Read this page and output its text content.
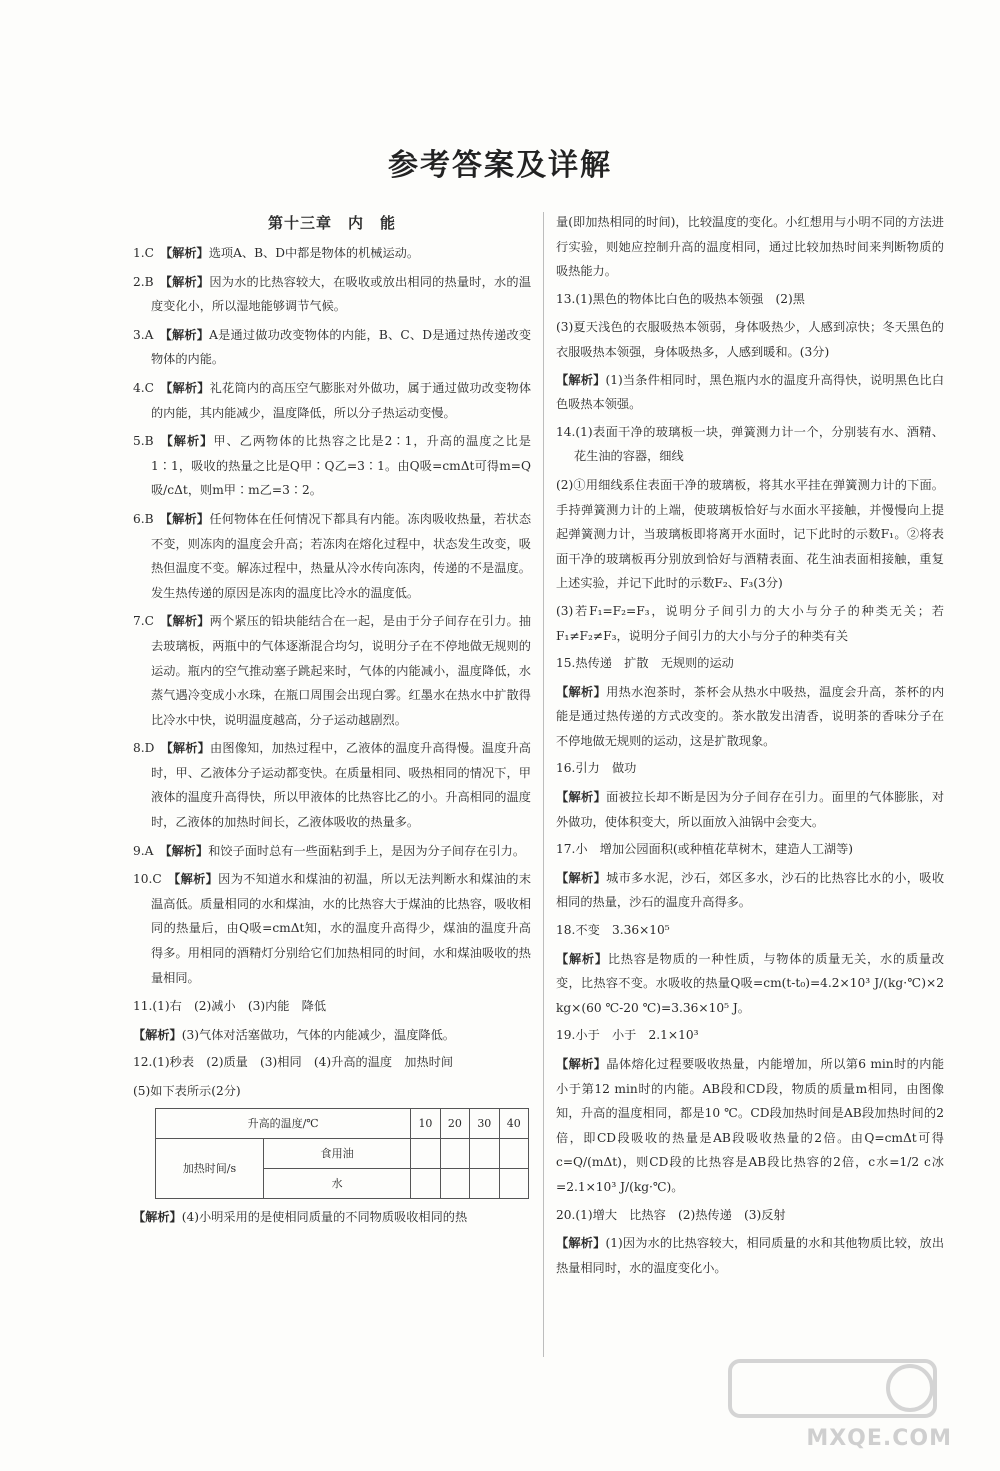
参考答案及详解
第十三章　内　能
1.C 【解析】选项A、B、D中都是物体的机械运动。
2.B 【解析】因为水的比热容较大，在吸收或放出相同的热量时，水的温度变化小，所以湿地能够调节气候。
3.A 【解析】A是通过做功改变物体的内能，B、C、D是通过热传递改变物体的内能。
4.C 【解析】礼花筒内的高压空气膨胀对外做功，属于通过做功改变物体的内能，其内能减少，温度降低，所以分子热运动变慢。
5.B 【解析】甲、乙两物体的比热容之比是2∶1，升高的温度之比是1∶1，吸收的热量之比是Q甲∶Q乙=3∶1。由Q吸=cmΔt可得m=Q吸/cΔt，则m甲∶m乙=3∶2。
6.B 【解析】任何物体在任何情况下都具有内能。冻肉吸收热量，若状态不变，则冻肉的温度会升高；若冻肉在熔化过程中，状态发生改变，吸热但温度不变。解冻过程中，热量从冷水传向冻肉，传递的不是温度。发生热传递的原因是冻肉的温度比冷水的温度低。
7.C 【解析】两个紧压的铅块能结合在一起，是由于分子间存在引力。抽去玻璃板，两瓶中的气体逐渐混合均匀，说明分子在不停地做无规则的运动。瓶内的空气推动塞子跳起来时，气体的内能减小，温度降低，水蒸气遇冷变成小水珠，在瓶口周围会出现白雾。红墨水在热水中扩散得比冷水中快，说明温度越高，分子运动越剧烈。
8.D 【解析】由图像知，加热过程中，乙液体的温度升高得慢。温度升高时，甲、乙液体分子运动都变快。在质量相同、吸热相同的情况下，甲液体的温度升高得快，所以甲液体的比热容比乙的小。升高相同的温度时，乙液体的加热时间长，乙液体吸收的热量多。
9.A 【解析】和饺子面时总有一些面粘到手上，是因为分子间存在引力。
10.C 【解析】因为不知道水和煤油的初温，所以无法判断水和煤油的末温高低。质量相同的水和煤油，水的比热容大于煤油的比热容，吸收相同的热量后，由Q吸=cmΔt知，水的温度升高得少，煤油的温度升高得多。用相同的酒精灯分别给它们加热相同的时间，水和煤油吸收的热量相同。
11.(1)右　(2)减小　(3)内能　降低
【解析】(3)气体对活塞做功，气体的内能减少，温度降低。
12.(1)秒表　(2)质量　(3)相同　(4)升高的温度　加热时间
(5)如下表所示(2分)
升高的温度/℃		10	20	30	40
加热时间/s	食用油				
	水				
【解析】(4)小明采用的是使相同质量的不同物质吸收相同的热
量(即加热相同的时间)，比较温度的变化。小红想用与小明不同的方法进行实验，则她应控制升高的温度相同，通过比较加热时间来判断物质的吸热能力。
13.(1)黑色的物体比白色的吸热本领强　(2)黑
(3)夏天浅色的衣服吸热本领弱，身体吸热少，人感到凉快；冬天黑色的衣服吸热本领强，身体吸热多，人感到暖和。(3分)
【解析】(1)当条件相同时，黑色瓶内水的温度升高得快，说明黑色比白色吸热本领强。
14.(1)表面干净的玻璃板一块，弹簧测力计一个，分别装有水、酒精、花生油的容器，细线
(2)①用细线系住表面干净的玻璃板，将其水平挂在弹簧测力计的下面。手持弹簧测力计的上端，使玻璃板恰好与水面水平接触，并慢慢向上提起弹簧测力计，当玻璃板即将离开水面时，记下此时的示数F₁。②将表面干净的玻璃板再分别放到恰好与酒精表面、花生油表面相接触，重复上述实验，并记下此时的示数F₂、F₃(3分)
(3)若F₁=F₂=F₃，说明分子间引力的大小与分子的种类无关；若F₁≠F₂≠F₃，说明分子间引力的大小与分子的种类有关
15.热传递　扩散　无规则的运动
【解析】用热水泡茶时，茶杯会从热水中吸热，温度会升高，茶杯的内能是通过热传递的方式改变的。茶水散发出清香，说明茶的香味分子在不停地做无规则的运动，这是扩散现象。
16.引力　做功
【解析】面被拉长却不断是因为分子间存在引力。面里的气体膨胀，对外做功，使体积变大，所以面放入油锅中会变大。
17.小　增加公园面积(或种植花草树木，建造人工湖等)
【解析】城市多水泥，沙石，郊区多水，沙石的比热容比水的小，吸收相同的热量，沙石的温度升高得多。
18.不变　3.36×10⁵
【解析】比热容是物质的一种性质，与物体的质量无关，水的质量改变，比热容不变。水吸收的热量Q吸=cm(t-t₀)=4.2×10³ J/(kg·℃)×2 kg×(60 ℃-20 ℃)=3.36×10⁵ J。
19.小于　小于　2.1×10³
【解析】晶体熔化过程要吸收热量，内能增加，所以第6 min时的内能小于第12 min时的内能。AB段和CD段，物质的质量m相同，由图像知，升高的温度相同，都是10 ℃。CD段加热时间是AB段加热时间的2倍，即CD段吸收的热量是AB段吸收热量的2倍。由Q=cmΔt可得c=Q/(mΔt)，则CD段的比热容是AB段比热容的2倍，c水=1/2 c冰=2.1×10³ J/(kg·℃)。
20.(1)增大　比热容　(2)热传递　(3)反射
【解析】(1)因为水的比热容较大，相同质量的水和其他物质比较，放出热量相同时，水的温度变化小。
MXQE.COM
